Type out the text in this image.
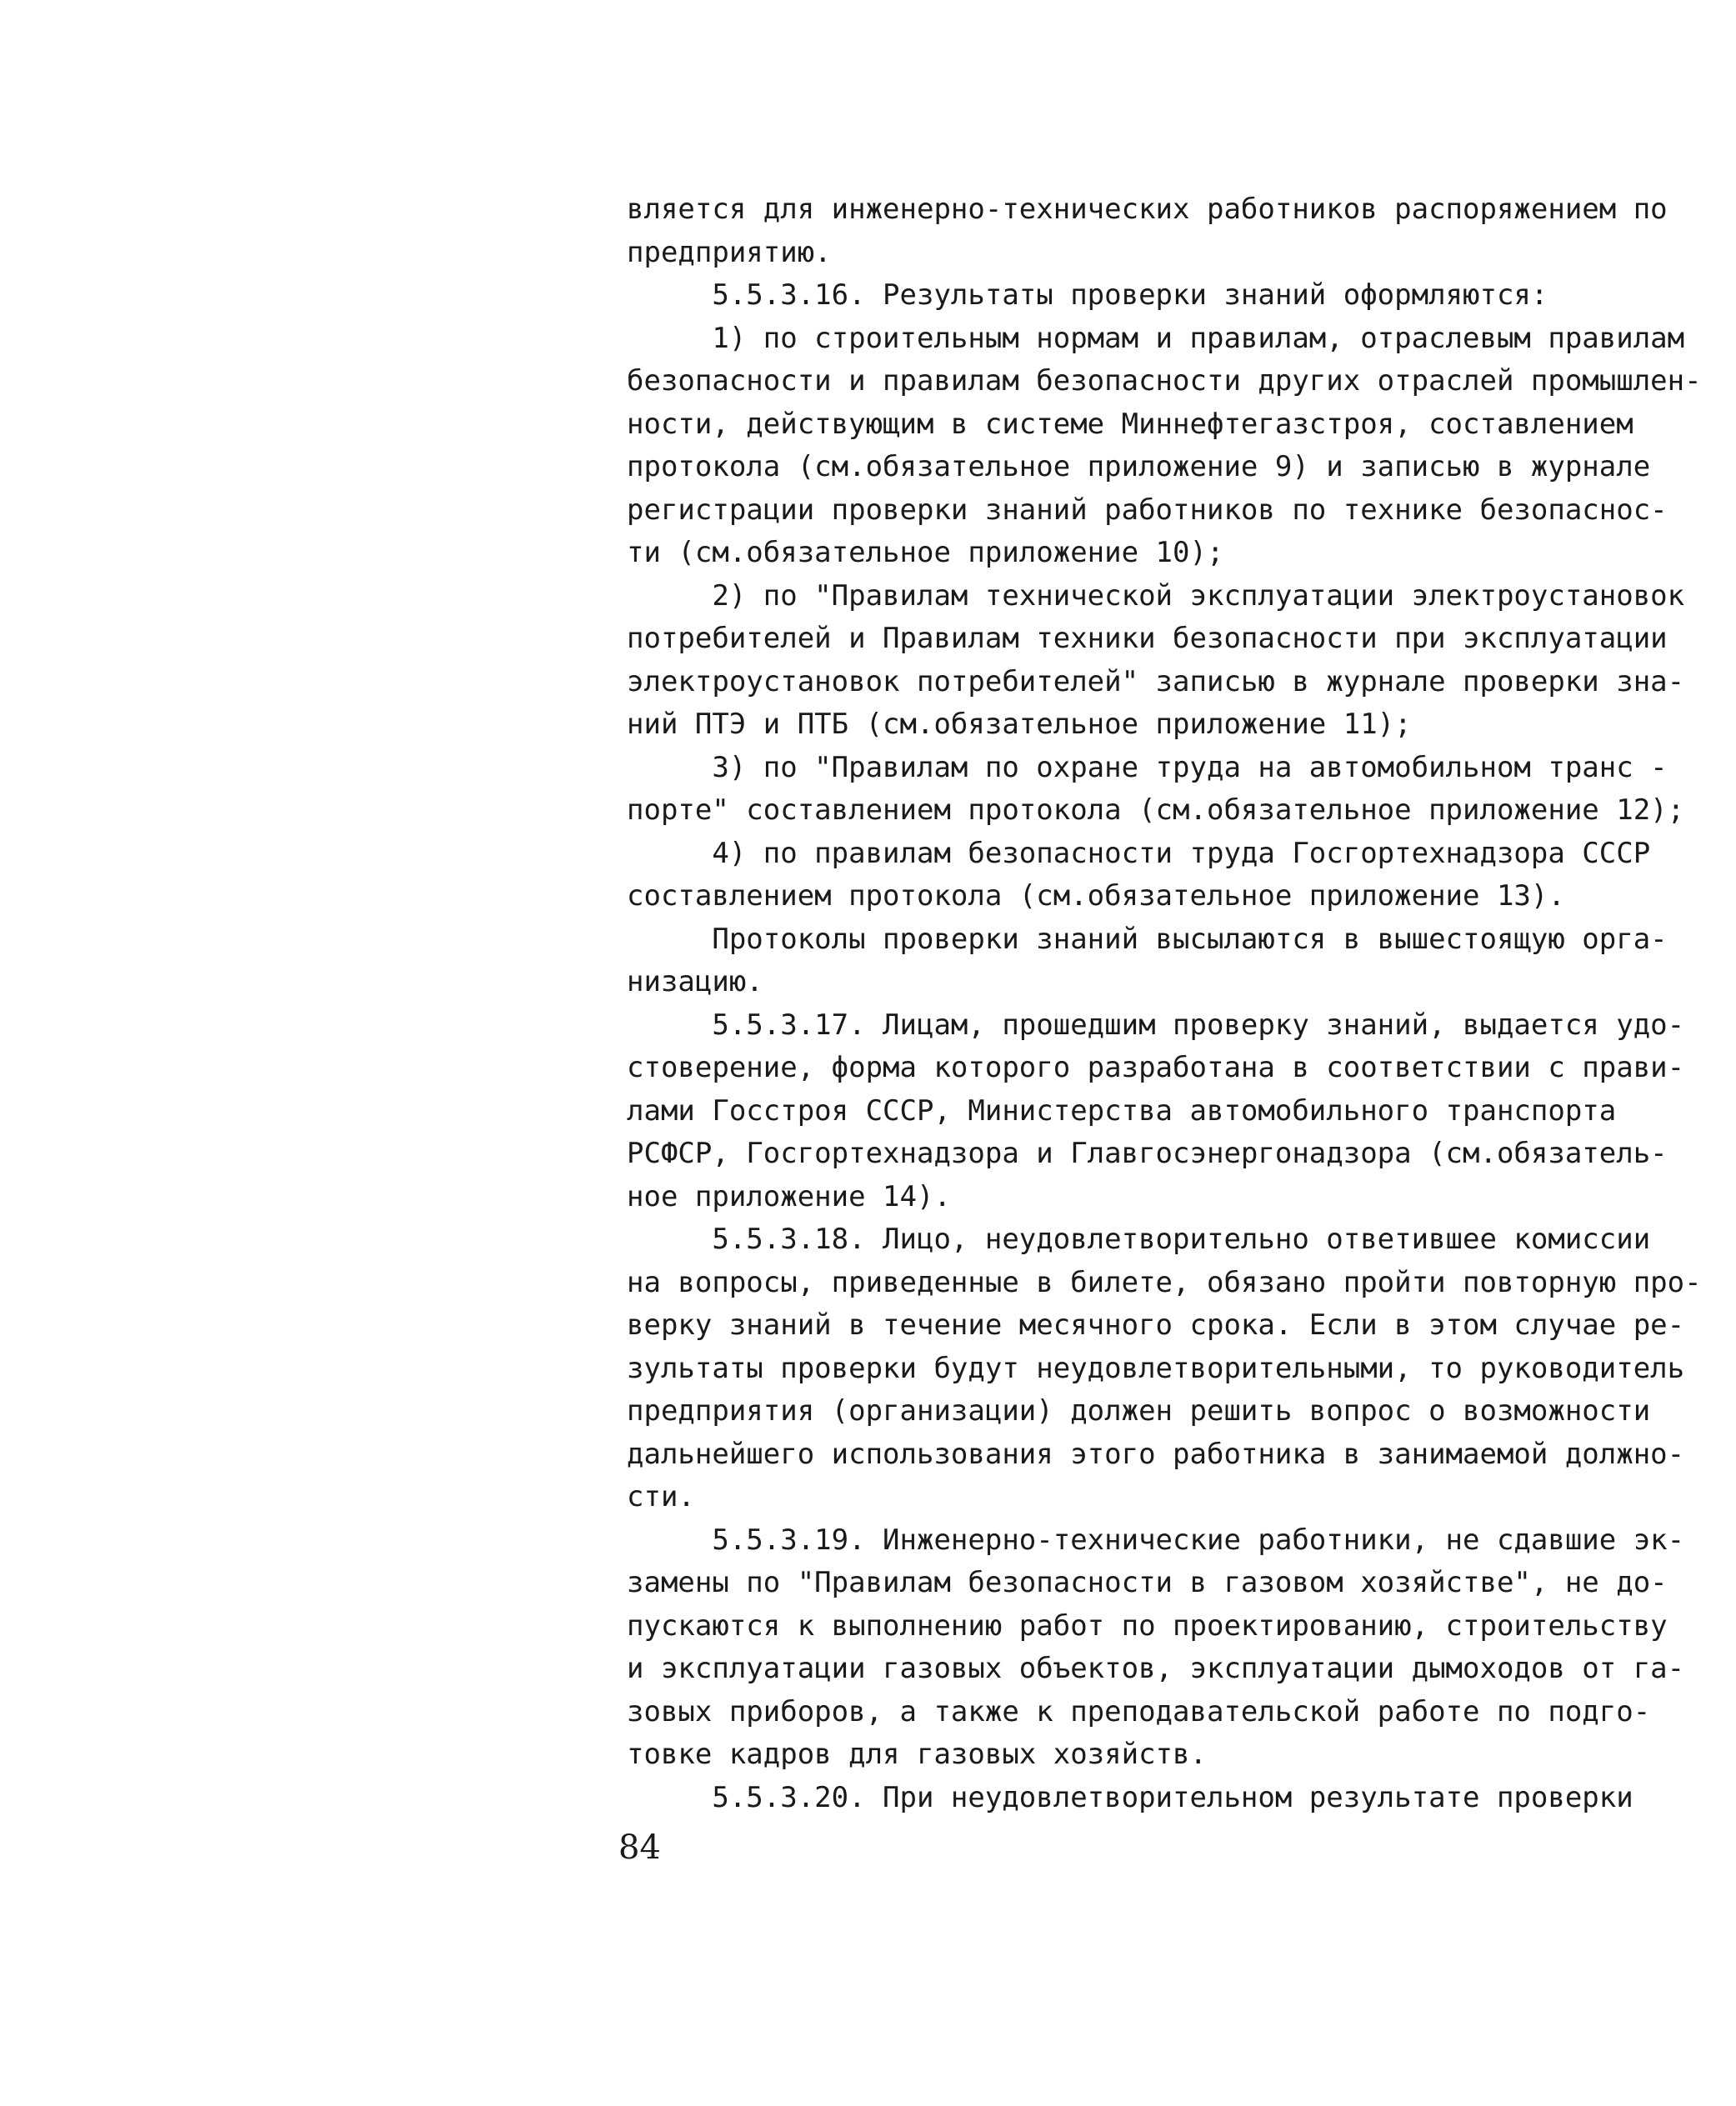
вляется для инженерно-технических работников распоряжением по
предприятию.
5.5.3.16. Результаты проверки знаний оформляются:
1) по строительным нормам и правилам, отраслевым правилам
безопасности и правилам безопасности других отраслей промышлен-
ности, действующим в системе Миннефтегазстроя, составлением
протокола (см.обязательное приложение 9) и записью в журнале
регистрации проверки знаний работников по технике безопаснос-
ти (см.обязательное приложение 10);
2) по "Правилам технической эксплуатации электроустановок
потребителей и Правилам техники безопасности при эксплуатации
электроустановок потребителей" записью в журнале проверки зна-
ний ПТЭ и ПТБ (см.обязательное приложение 11);
3) по "Правилам по охране труда на автомобильном транс -
порте" составлением протокола (см.обязательное приложение 12);
4) по правилам безопасности труда Госгортехнадзора СССР
составлением протокола (см.обязательное приложение 13).
Протоколы проверки знаний высылаются в вышестоящую орга-
низацию.
5.5.3.17. Лицам, прошедшим проверку знаний, выдается удо-
стоверение, форма которого разработана в соответствии с прави-
лами Госстроя СССР, Министерства автомобильного транспорта
РСФСР, Госгортехнадзора и Главгосэнергонадзора (см.обязатель-
ное приложение 14).
5.5.3.18. Лицо, неудовлетворительно ответившее комиссии
на вопросы, приведенные в билете, обязано пройти повторную про-
верку знаний в течение месячного срока. Если в этом случае ре-
зультаты проверки будут неудовлетворительными, то руководитель
предприятия (организации) должен решить вопрос о возможности
дальнейшего использования этого работника в занимаемой должно-
сти.
5.5.3.19. Инженерно-технические работники, не сдавшие эк-
замены по "Правилам безопасности в газовом хозяйстве", не до-
пускаются к выполнению работ по проектированию, строительству
и эксплуатации газовых объектов, эксплуатации дымоходов от га-
зовых приборов, а также к преподавательской работе по подго-
товке кадров для газовых хозяйств.
5.5.3.20. При неудовлетворительном результате проверки
84
